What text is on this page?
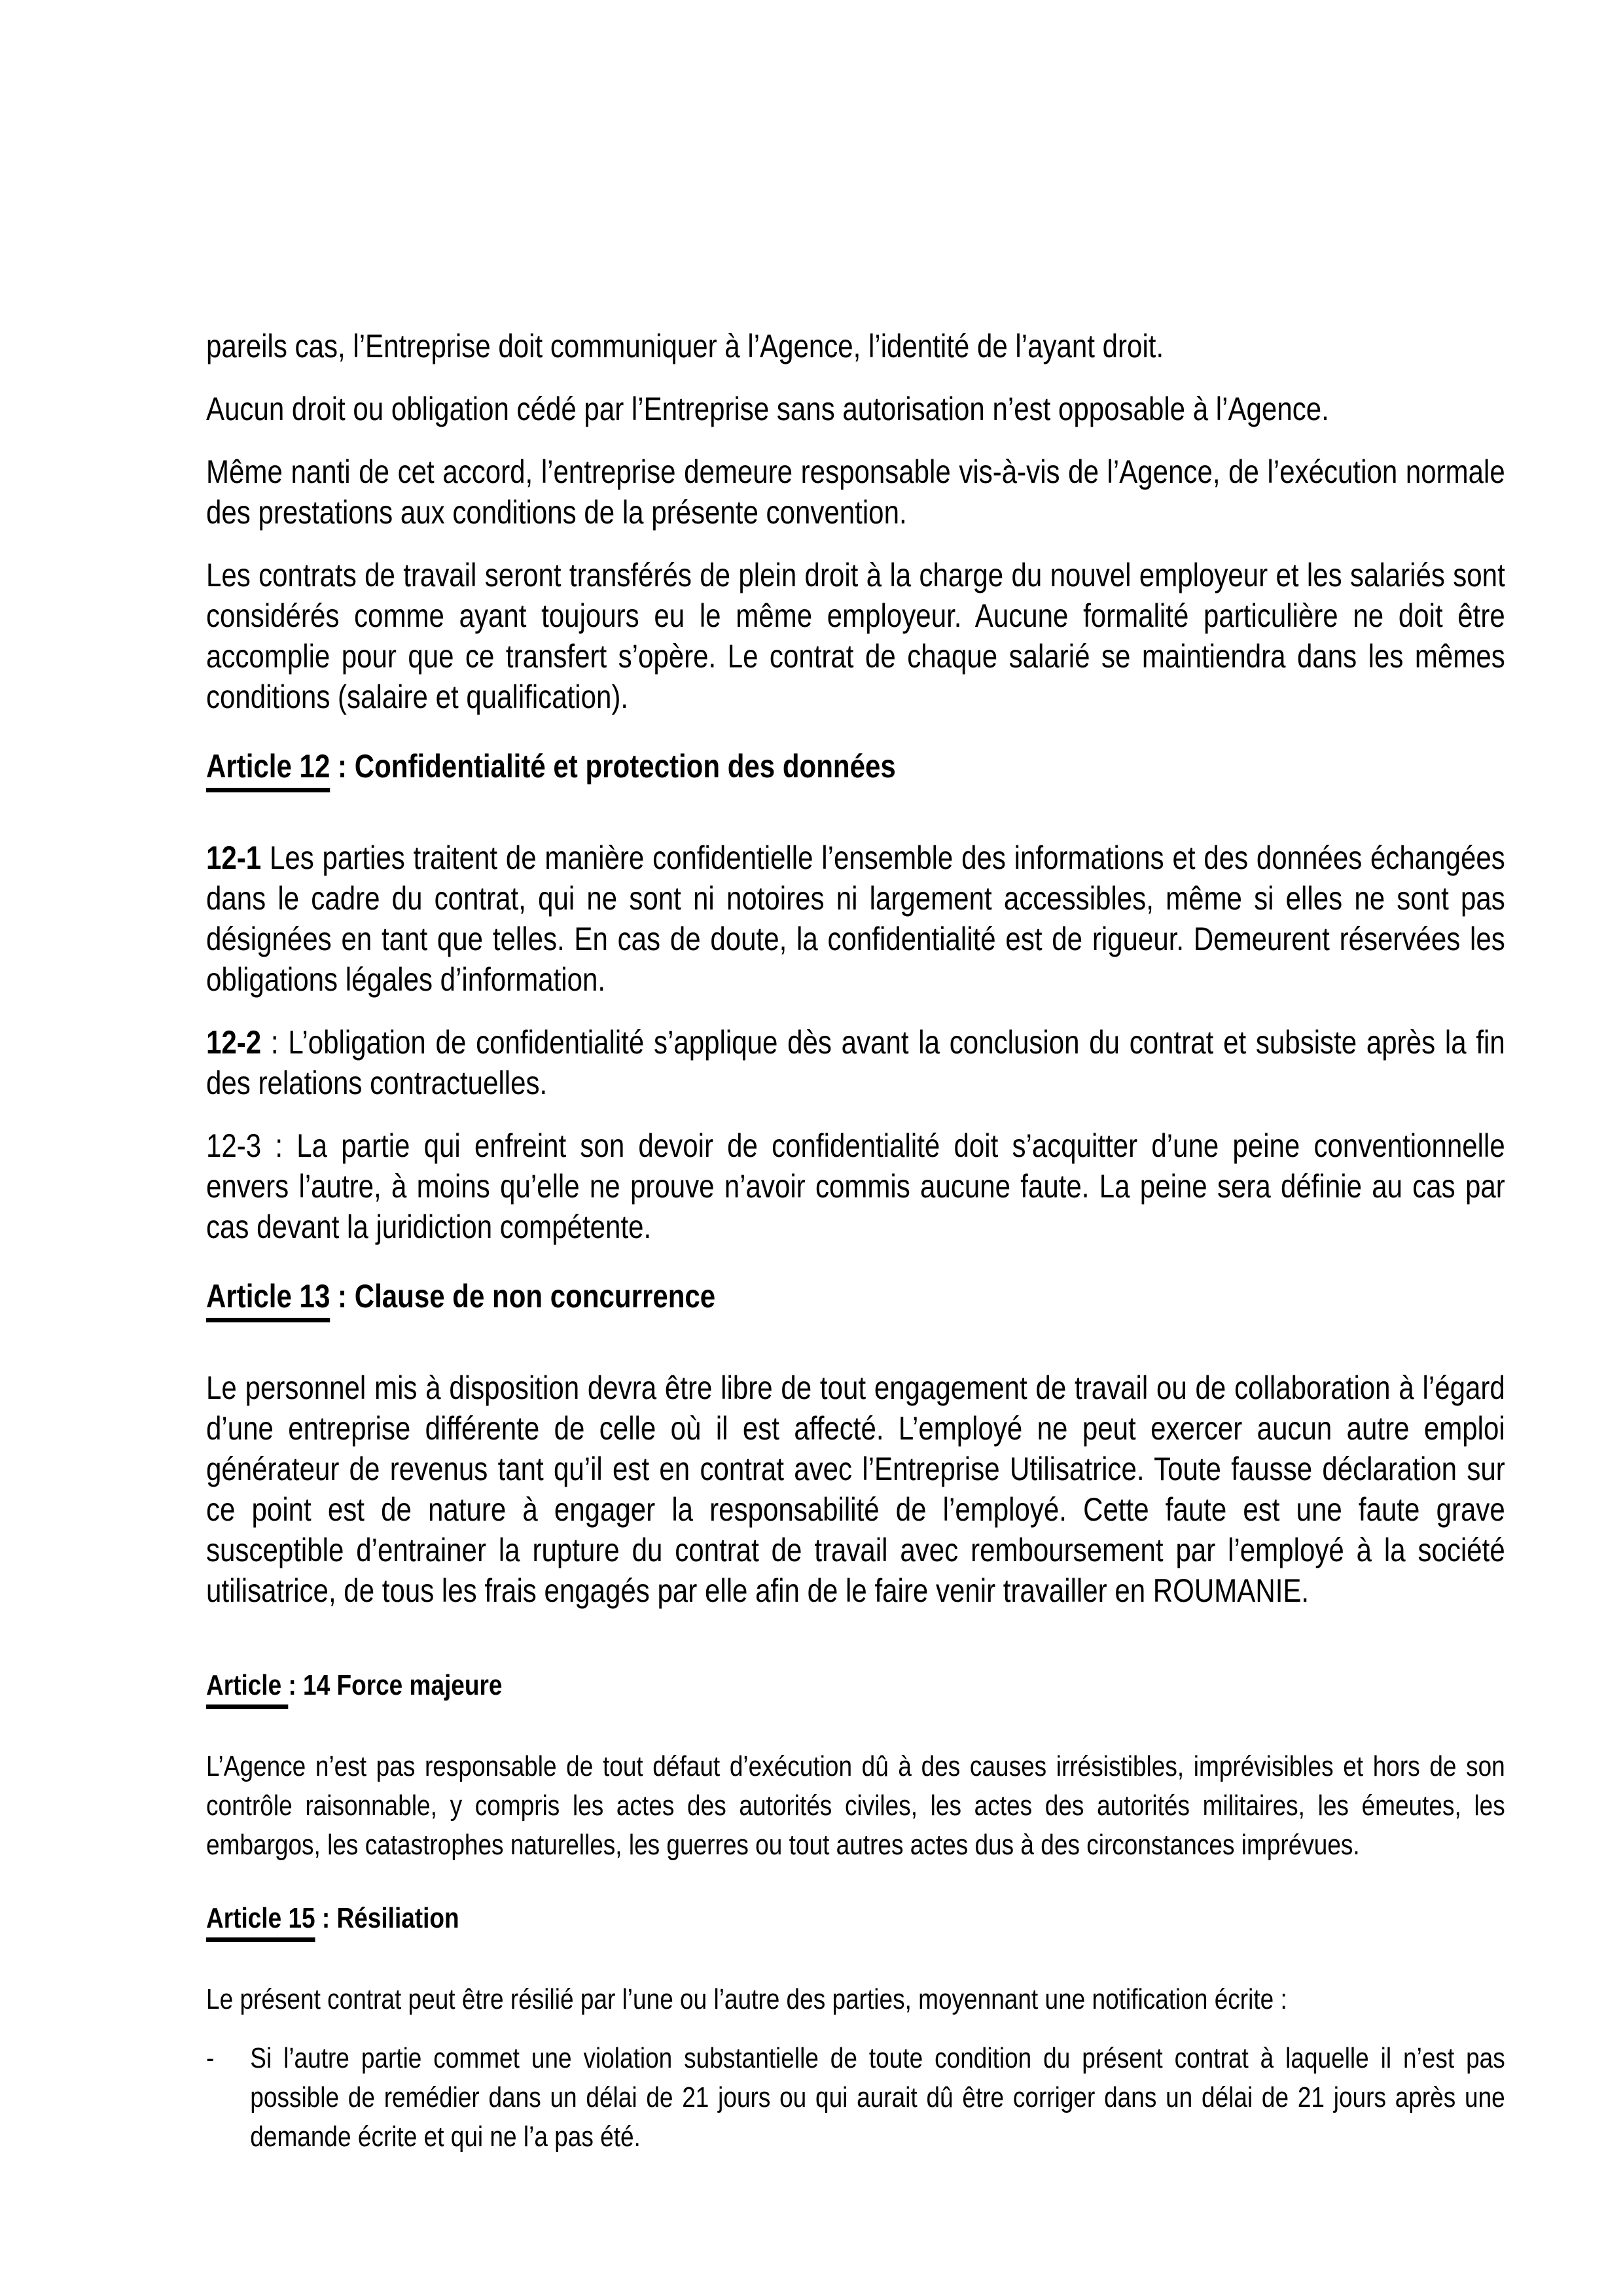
pareils cas, l’Entreprise doit communiquer à l’Agence, l’identité de l’ayant droit.

Aucun droit ou obligation cédé par l’Entreprise sans autorisation n’est opposable à l’Agence.

Même nanti de cet accord, l’entreprise demeure responsable vis-à-vis de l’Agence, de l’exécution normale des prestations aux conditions de la présente convention.

Les contrats de travail seront transférés de plein droit à la charge du nouvel employeur et les salariés sont considérés comme ayant toujours eu le même employeur. Aucune formalité particulière ne doit être accomplie pour que ce transfert s’opère. Le contrat de chaque salarié se maintiendra dans les mêmes conditions (salaire et qualification).

Article 12 : Confidentialité et protection des données

12-1 Les parties traitent de manière confidentielle l’ensemble des informations et des données échangées dans le cadre du contrat, qui ne sont ni notoires ni largement accessibles, même si elles ne sont pas désignées en tant que telles. En cas de doute, la confidentialité est de rigueur. Demeurent réservées les obligations légales d’information.

12-2 : L’obligation de confidentialité s’applique dès avant la conclusion du contrat et subsiste après la fin des relations contractuelles.

12-3 : La partie qui enfreint son devoir de confidentialité doit s’acquitter d’une peine conventionnelle envers l’autre, à moins qu’elle ne prouve n’avoir commis aucune faute. La peine sera définie au cas par cas devant la juridiction compétente.

Article 13 : Clause de non concurrence

Le personnel mis à disposition devra être libre de tout engagement de travail ou de collaboration à l’égard d’une entreprise différente de celle où il est affecté. L’employé ne peut exercer aucun autre emploi générateur de revenus tant qu’il est en contrat avec l’Entreprise Utilisatrice. Toute fausse déclaration sur ce point est de nature à engager la responsabilité de l’employé. Cette faute est une faute grave susceptible d’entrainer la rupture du contrat de travail avec remboursement par l’employé à la société utilisatrice, de tous les frais engagés par elle afin de le faire venir travailler en ROUMANIE.

Article : 14 Force majeure

L’Agence n’est pas responsable de tout défaut d’exécution dû à des causes irrésistibles, imprévisibles et hors de son contrôle raisonnable, y compris les actes des autorités civiles, les actes des autorités militaires, les émeutes, les embargos, les catastrophes naturelles, les guerres ou tout autres actes dus à des circonstances imprévues.

Article 15 : Résiliation

Le présent contrat peut être résilié par l’une ou l’autre des parties, moyennant une notification écrite :

-	Si l’autre partie commet une violation substantielle de toute condition du présent contrat à laquelle il n’est pas possible de remédier dans un délai de 21 jours ou qui aurait dû être corriger dans un délai de 21 jours après une demande écrite et qui ne l’a pas été.
